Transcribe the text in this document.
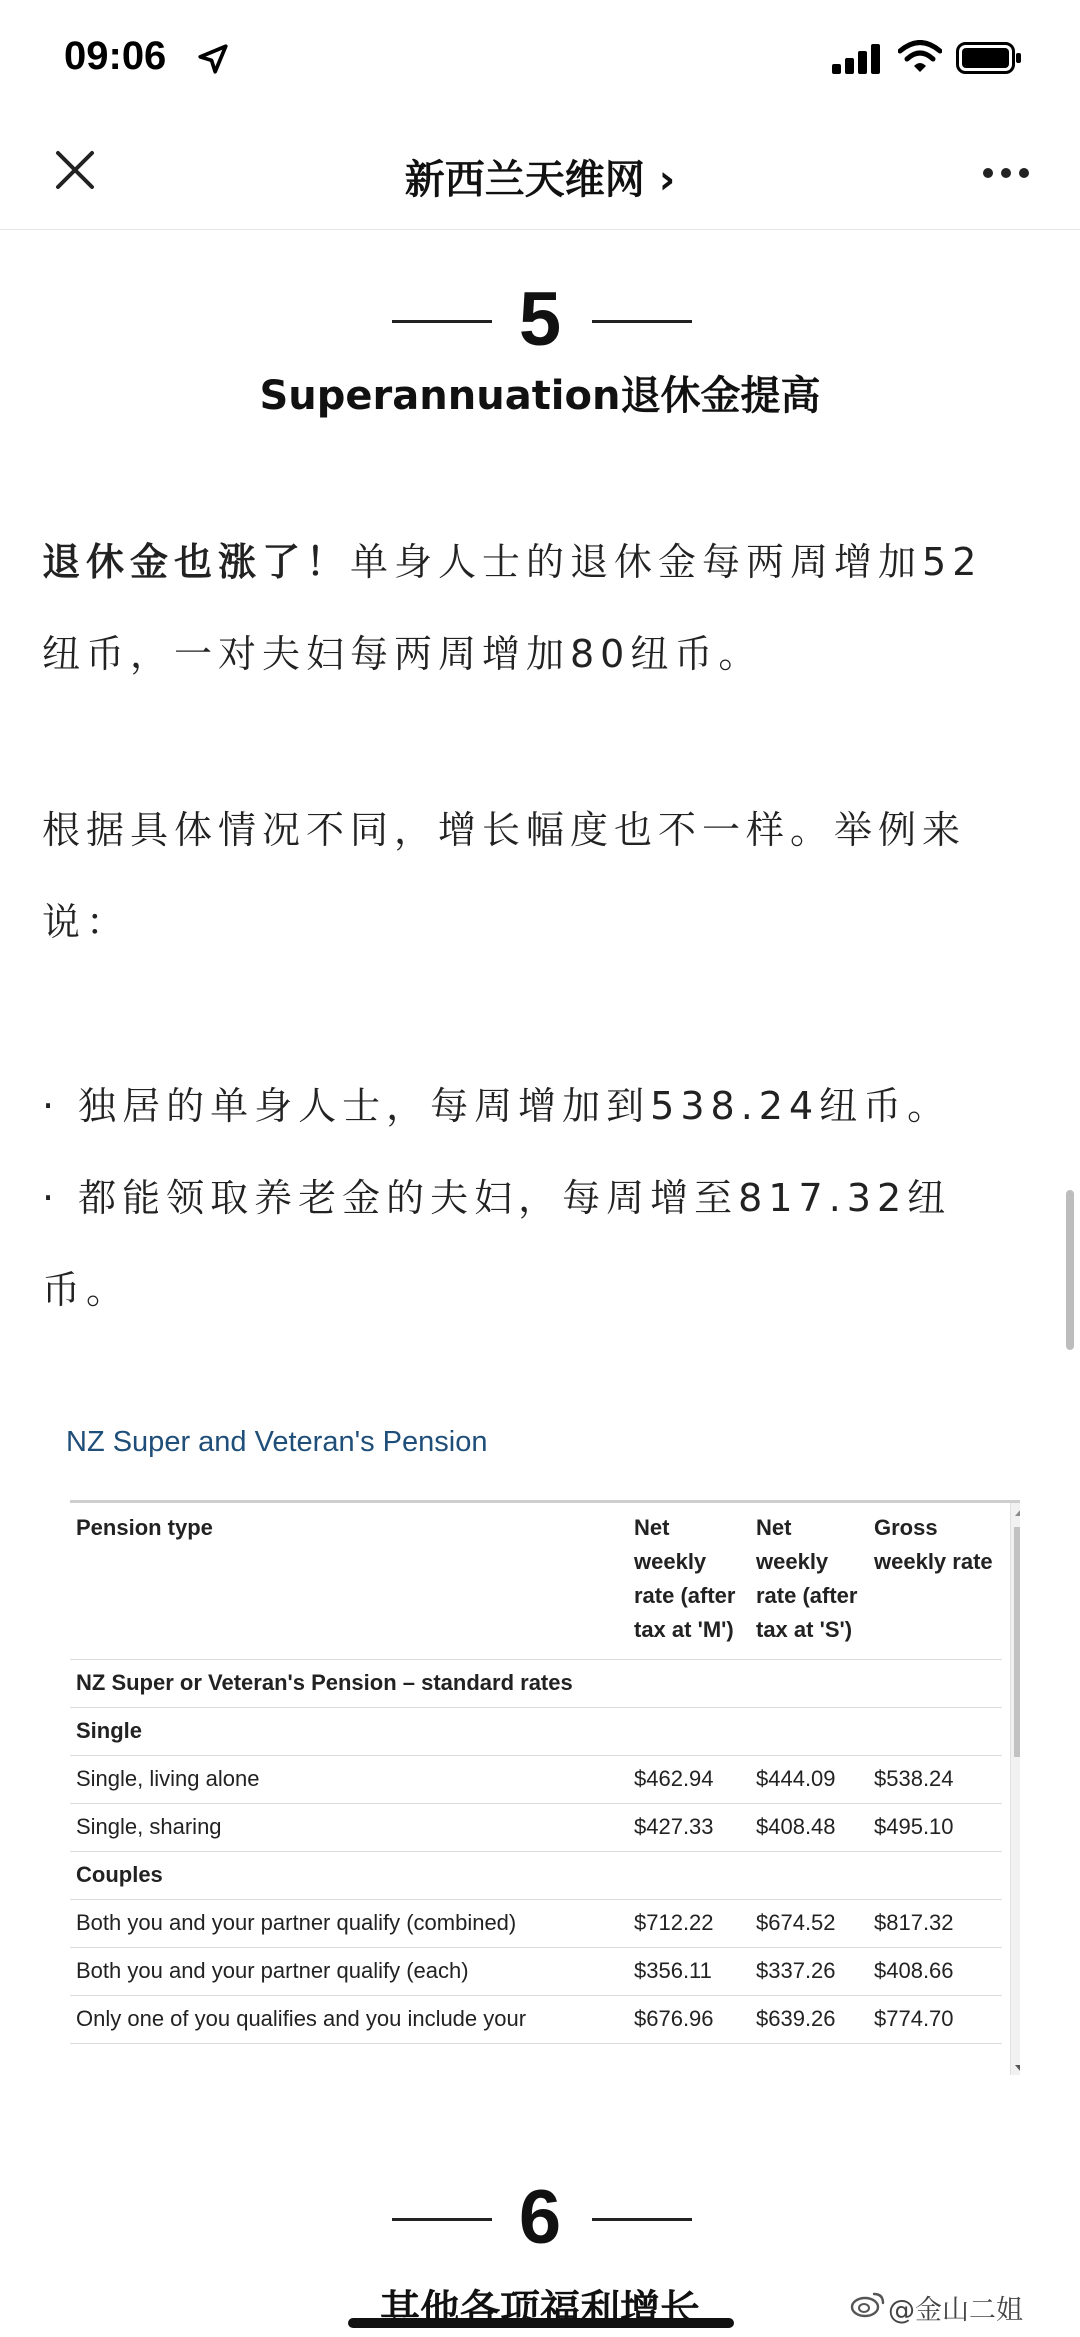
09:06
新西兰天维网 ›
5
Superannuation退休金提高
退休金也涨了！单身人士的退休金每两周增加52
纽币，一对夫妇每两周增加80纽币。
根据具体情况不同，增长幅度也不一样。举例来
说：
· 独居的单身人士，每周增加到538.24纽币。
· 都能领取养老金的夫妇，每周增至817.32纽
币。
NZ Super and Veteran's Pension
Pension type	Net weekly rate (after tax at 'M')	Net weekly rate (after tax at 'S')	Gross weekly rate
NZ Super or Veteran's Pension – standard rates			
Single			
Single, living alone	$462.94	$444.09	$538.24
Single, sharing	$427.33	$408.48	$495.10
Couples			
Both you and your partner qualify (combined)	$712.22	$674.52	$817.32
Both you and your partner qualify (each)	$356.11	$337.26	$408.66
Only one of you qualifies and you include your	$676.96	$639.26	$774.70
6
其他各项福利增长	@金山二姐
